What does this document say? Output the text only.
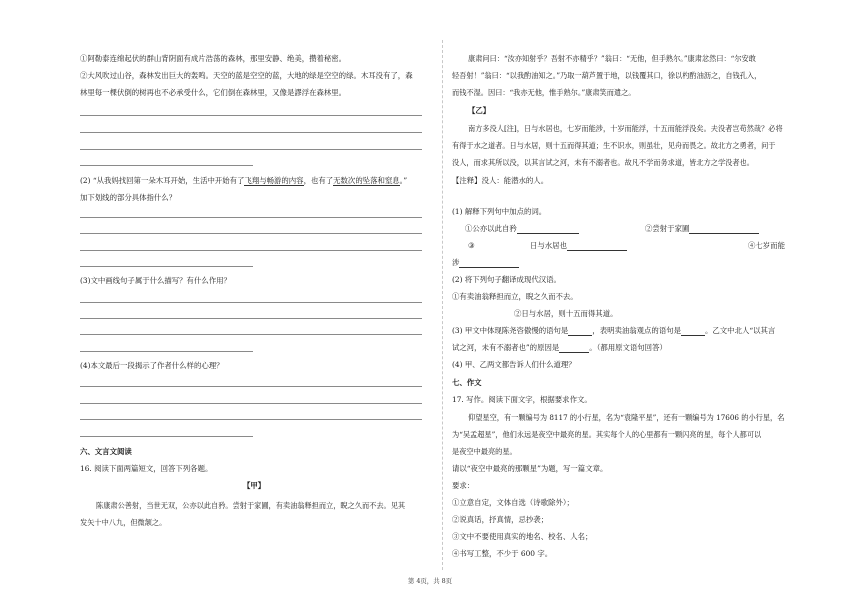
①阿勒泰连绵起伏的群山背阴面有成片浩荡的森林，那里安静、绝美，攒着秘密。
②大风吹过山谷，森林发出巨大的轰鸣。天空的蓝是空空的蓝，大地的绿是空空的绿。木耳没有了，森
林里每一棵伏倒的树再也不必承受什么，它们倒在森林里，又像是謬浮在森林里。
(2) “从我妈找回第一朵木耳开始，生活中开始有了飞翔与畅游的内容，也有了无数次的坠落和窒息。”
加下划线的部分具体指什么？
(3)文中画线句子属于什么描写？有什么作用？
(4)本文最后一段揭示了作者什么样的心理？
六、文言文阅读
16. 阅读下面两篇短文，回答下列各题。
【甲】
陈康肃公善射，当世无双，公亦以此自矜。尝射于家圃，有卖油翁释担而立，睨之久而不去。见其
发矢十中八九，但微颔之。
康肃问曰：“汝亦知射乎？吾射不亦精乎？”翁曰：“无他，但手熟尔。”康肃忿然曰：“尔安敢
轻吾射！”翁曰：“以我酌油知之。”乃取一葫芦置于地，以钱覆其口，徐以杓酌油沥之，自钱孔入，
而钱不湿。因曰：“我亦无他，惟手熟尔。”康肃笑而遣之。
【乙】
南方多没人[注]，日与水居也，七岁而能涉，十岁而能浮，十五而能浮没矣。夫没者岂苟然哉？必将
有得于水之道者。日与水居，则十五而得其道；生不识水，则虽壮，见舟而畏之。故北方之勇者，问于
没人，而求其所以没，以其言试之河，未有不溺者也。故凡不学而务求道，皆北方之学没者也。
【注释】没人：能潜水的人。
(1) 解释下列句中加点的词。
①公亦以此自矜	②尝射于家圃
③	日与水居也	④七岁而能
涉
(2) 将下列句子翻译成现代汉语。
①有卖油翁释担而立，睨之久而不去。
②日与水居，则十五而得其道。
(3) 甲文中体现陈尧咨傲慢的语句是	，表明卖油翁观点的语句是	。乙文中北人“以其言
试之河，未有不溺者也”的原因是	。（都用原文语句回答）
(4) 甲、乙两文都告诉人们什么道理？
七、作文
17. 写作。阅读下面文字，根据要求作文。
仰望星空，有一颗编号为 8117 的小行星，名为“袁隆平星”，还有一颗编号为 17606 的小行星，名
为“吴孟超星”，他们永远是夜空中最亮的星。其实每个人的心里都有一颗闪亮的星，每个人都可以
是夜空中最亮的星。
请以“夜空中最亮的那颗星”为题，写一篇文章。
要求：
①立意自定，文体自选（诗歌除外）；
②说真话，抒真情，忌抄袭；
③文中不要使用真实的地名、校名、人名；
④书写工整，不少于 600 字。
第 4页，共 8页
